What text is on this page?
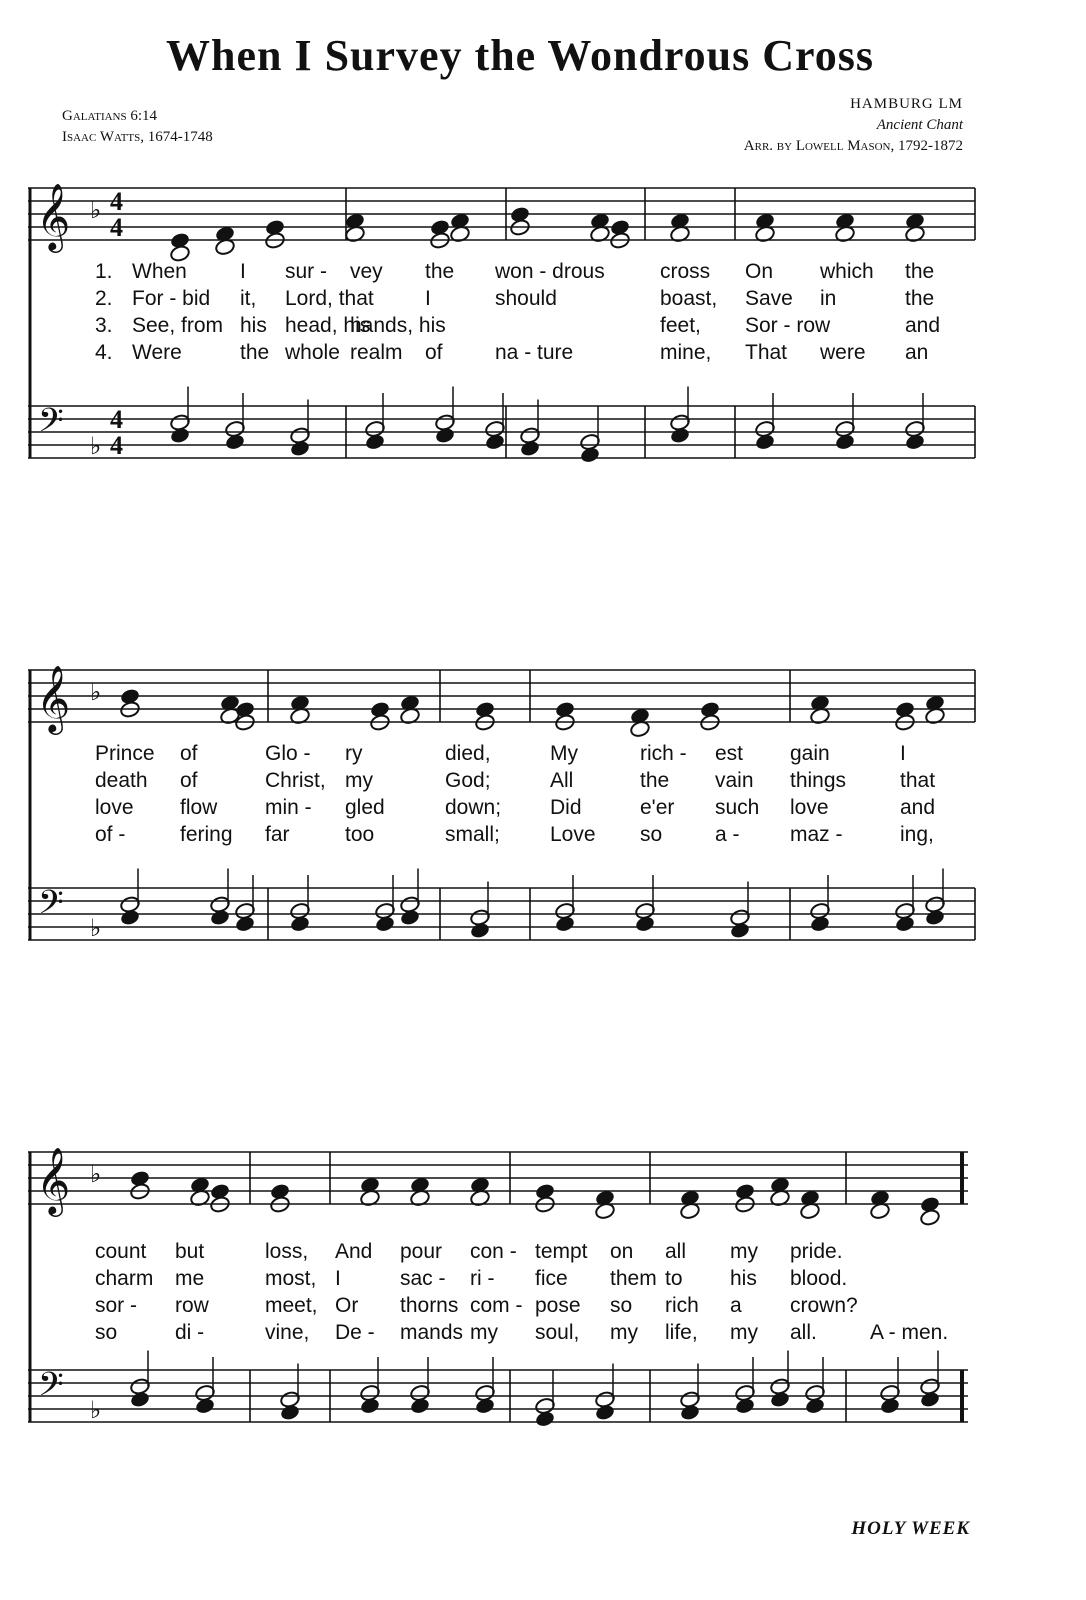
When I Survey the Wondrous Cross
Galatians 6:14
Isaac Watts, 1674-1748
HAMBURG LM
Ancient Chant
Arr. by Lowell Mason, 1792-1872
𝄞
𝄢
♭
♭
𝄞
𝄢
♭
♭
𝄞
𝄢
♭
♭
4
4
4
4
1. When	I sur - vey the won - drous	cross On which the
2. For - bid it, Lord, that I	should	boast, Save in	the
3. See, from his head, his
hands, his	feet, Sor - row	and
4. Were	the whole realm of na - ture	mine, That were an
Prince of	Glo - ry	died,	My	rich - est gain	I
death of	Christ, my	God;	All	the vain things	that
love flow min - gled	down; Did	e'er such love	and
of -	fering far	too	small; Love so	a - maz -	ing,
count but	loss, And pour con - tempt on all my pride.
charm me	most, I	sac - ri - fice them to his blood.
sor - row	meet, Or thorns com - pose so rich a crown?
so	di -	vine, De - mands my soul, my life, my all.	A - men.
HOLY WEEK
